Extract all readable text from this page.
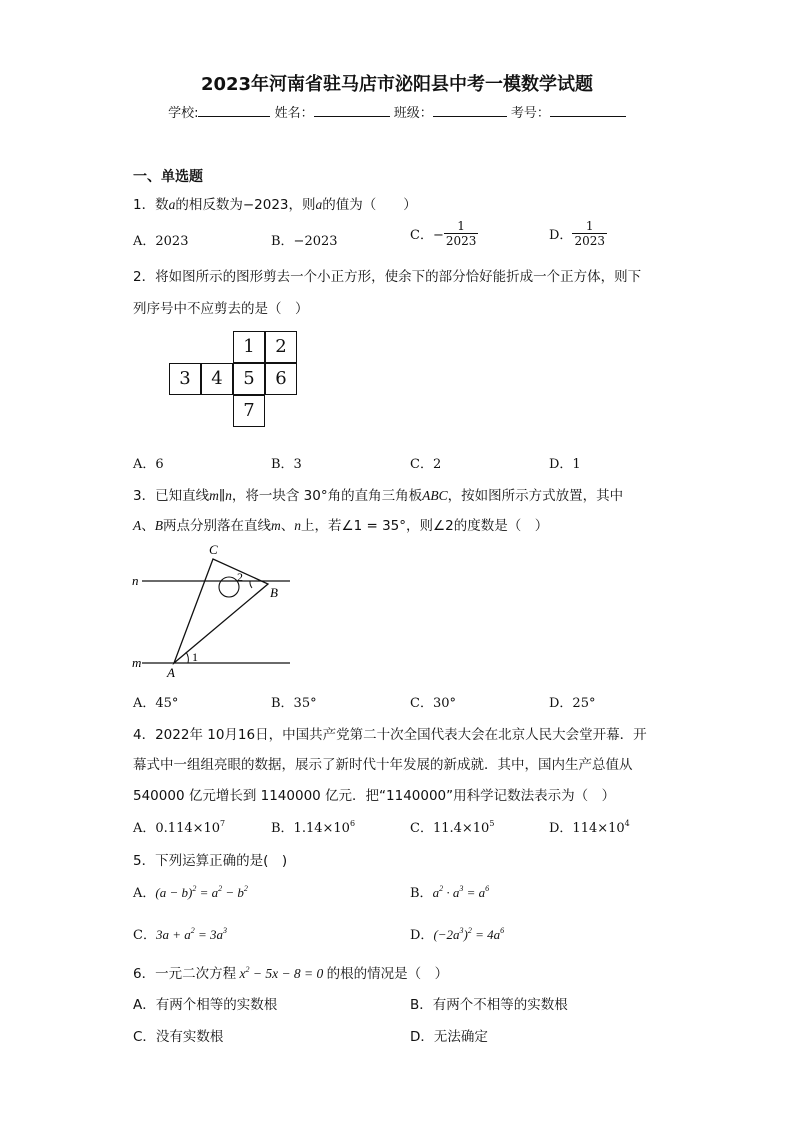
2023年河南省驻马店市泌阳县中考一模数学试题
学校:	姓名：	班级：	考号：
一、单选题
1．数a的相反数为−2023，则a的值为（　　）
A．2023	B．−2023	C．− $\frac{1}{2023}$	D． $\frac{1}{2023}$
2．将如图所示的图形剪去一个小正方形，使余下的部分恰好能折成一个正方体，则下
列序号中不应剪去的是（　）
1	2
3	4	5	6
7
A．6	B．3	C．2	D．1
3．已知直线m∥n，将一块含 30°角的直角三角板ABC，按如图所示方式放置，其中
A、B两点分别落在直线m、n上，若∠1 = 35°，则∠2的度数是（　）
C
n	2
B
m	1
A
A．45°	B．35°	C．30°	D．25°
4．2022年 10月16日，中国共产党第二十次全国代表大会在北京人民大会堂开幕．开
幕式中一组组亮眼的数据，展示了新时代十年发展的新成就．其中，国内生产总值从
540000 亿元增长到 1140000 亿元．把“1140000”用科学记数法表示为（　）
A．$0.114\times 10^7$	B．$1.14\times 10^6$	C．$11.4\times 10^5$	D．$114\times 10^4$
5．下列运算正确的是(　)
A．$(a - b)^2 = a^2 - b^2$	B．$a^2 \cdot a^3 = a^6$
C．$3a + a^2 = 3a^3$	D．$(-2a^3)^2 = 4a^6$
6．一元二次方程 $x^2 - 5x - 8 = 0$ 的根的情况是（　）
A．有两个相等的实数根	B．有两个不相等的实数根
C．没有实数根	D．无法确定
